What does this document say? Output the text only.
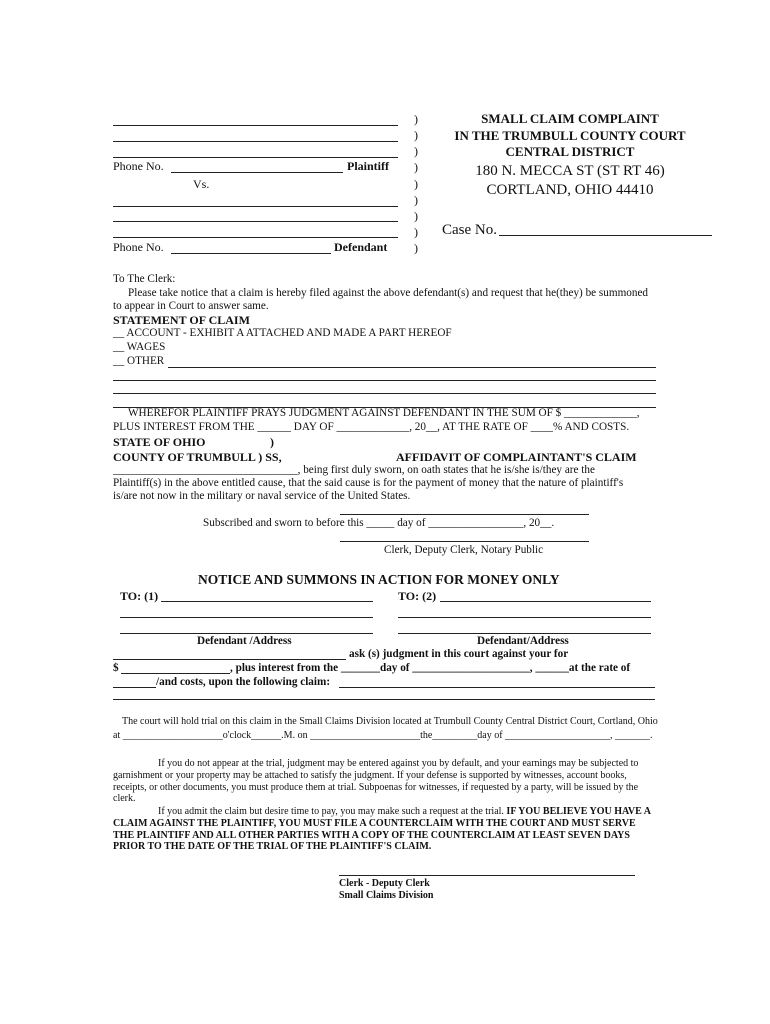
Phone No.	Plaintiff
Vs.
Phone No.	Defendant
)
)
)
)
)
)
)
)
)
SMALL CLAIM COMPLAINT
IN THE TRUMBULL COUNTY COURT
CENTRAL DISTRICT
180 N. MECCA ST (ST RT 46)
CORTLAND, OHIO 44410
Case No.
To The Clerk:
Please take notice that a claim is hereby filed against the above defendant(s) and request that he(they) be summoned
to appear in Court to answer same.
STATEMENT OF CLAIM
__ ACCOUNT - EXHIBIT A ATTACHED AND MADE A PART HEREOF
__ WAGES
__ OTHER
WHEREFOR PLAINTIFF PRAYS JUDGMENT AGAINST DEFENDANT IN THE SUM OF $ _____________,
PLUS INTEREST FROM THE ______ DAY OF _____________, 20__, AT THE RATE OF ____% AND COSTS.
STATE OF OHIO	)
COUNTY OF TRUMBULL ) SS,	AFFIDAVIT OF COMPLAINTANT'S CLAIM
_________________________________, being first duly sworn, on oath states that he is/she is/they are the
Plaintiff(s) in the above entitled cause, that the said cause is for the payment of money that the nature of plaintiff's
is/are not now in the military or naval service of the United States.
Subscribed and sworn to before this _____ day of _________________, 20__.
Clerk, Deputy Clerk, Notary Public
NOTICE AND SUMMONS IN ACTION FOR MONEY ONLY
TO: (1)	TO: (2)
Defendant /Address	Defendant/Address
ask (s) judgment in this court against your for
$	, plus interest from the _______day of _____________________, ______at the rate of
/and costs, upon the following claim:
The court will hold trial on this claim in the Small Claims Division located at Trumbull County Central District Court, Cortland, Ohio
at ____________________o'clock______.M. on ______________________the_________day of _____________________, _______.
If you do not appear at the trial, judgment may be entered against you by default, and your earnings may be subjected to garnishment or your property may be attached to satisfy the judgment. If your defense is supported by witnesses, account books, receipts, or other documents, you must produce them at trial. Subpoenas for witnesses, if requested by a party, will be issued by the clerk.
If you admit the claim but desire time to pay, you may make such a request at the trial. IF YOU BELIEVE YOU HAVE A CLAIM AGAINST THE PLAINTIFF, YOU MUST FILE A COUNTERCLAIM WITH THE COURT AND MUST SERVE THE PLAINTIFF AND ALL OTHER PARTIES WITH A COPY OF THE COUNTERCLAIM AT LEAST SEVEN DAYS PRIOR TO THE DATE OF THE TRIAL OF THE PLAINTIFF'S CLAIM.
Clerk - Deputy Clerk
Small Claims Division
